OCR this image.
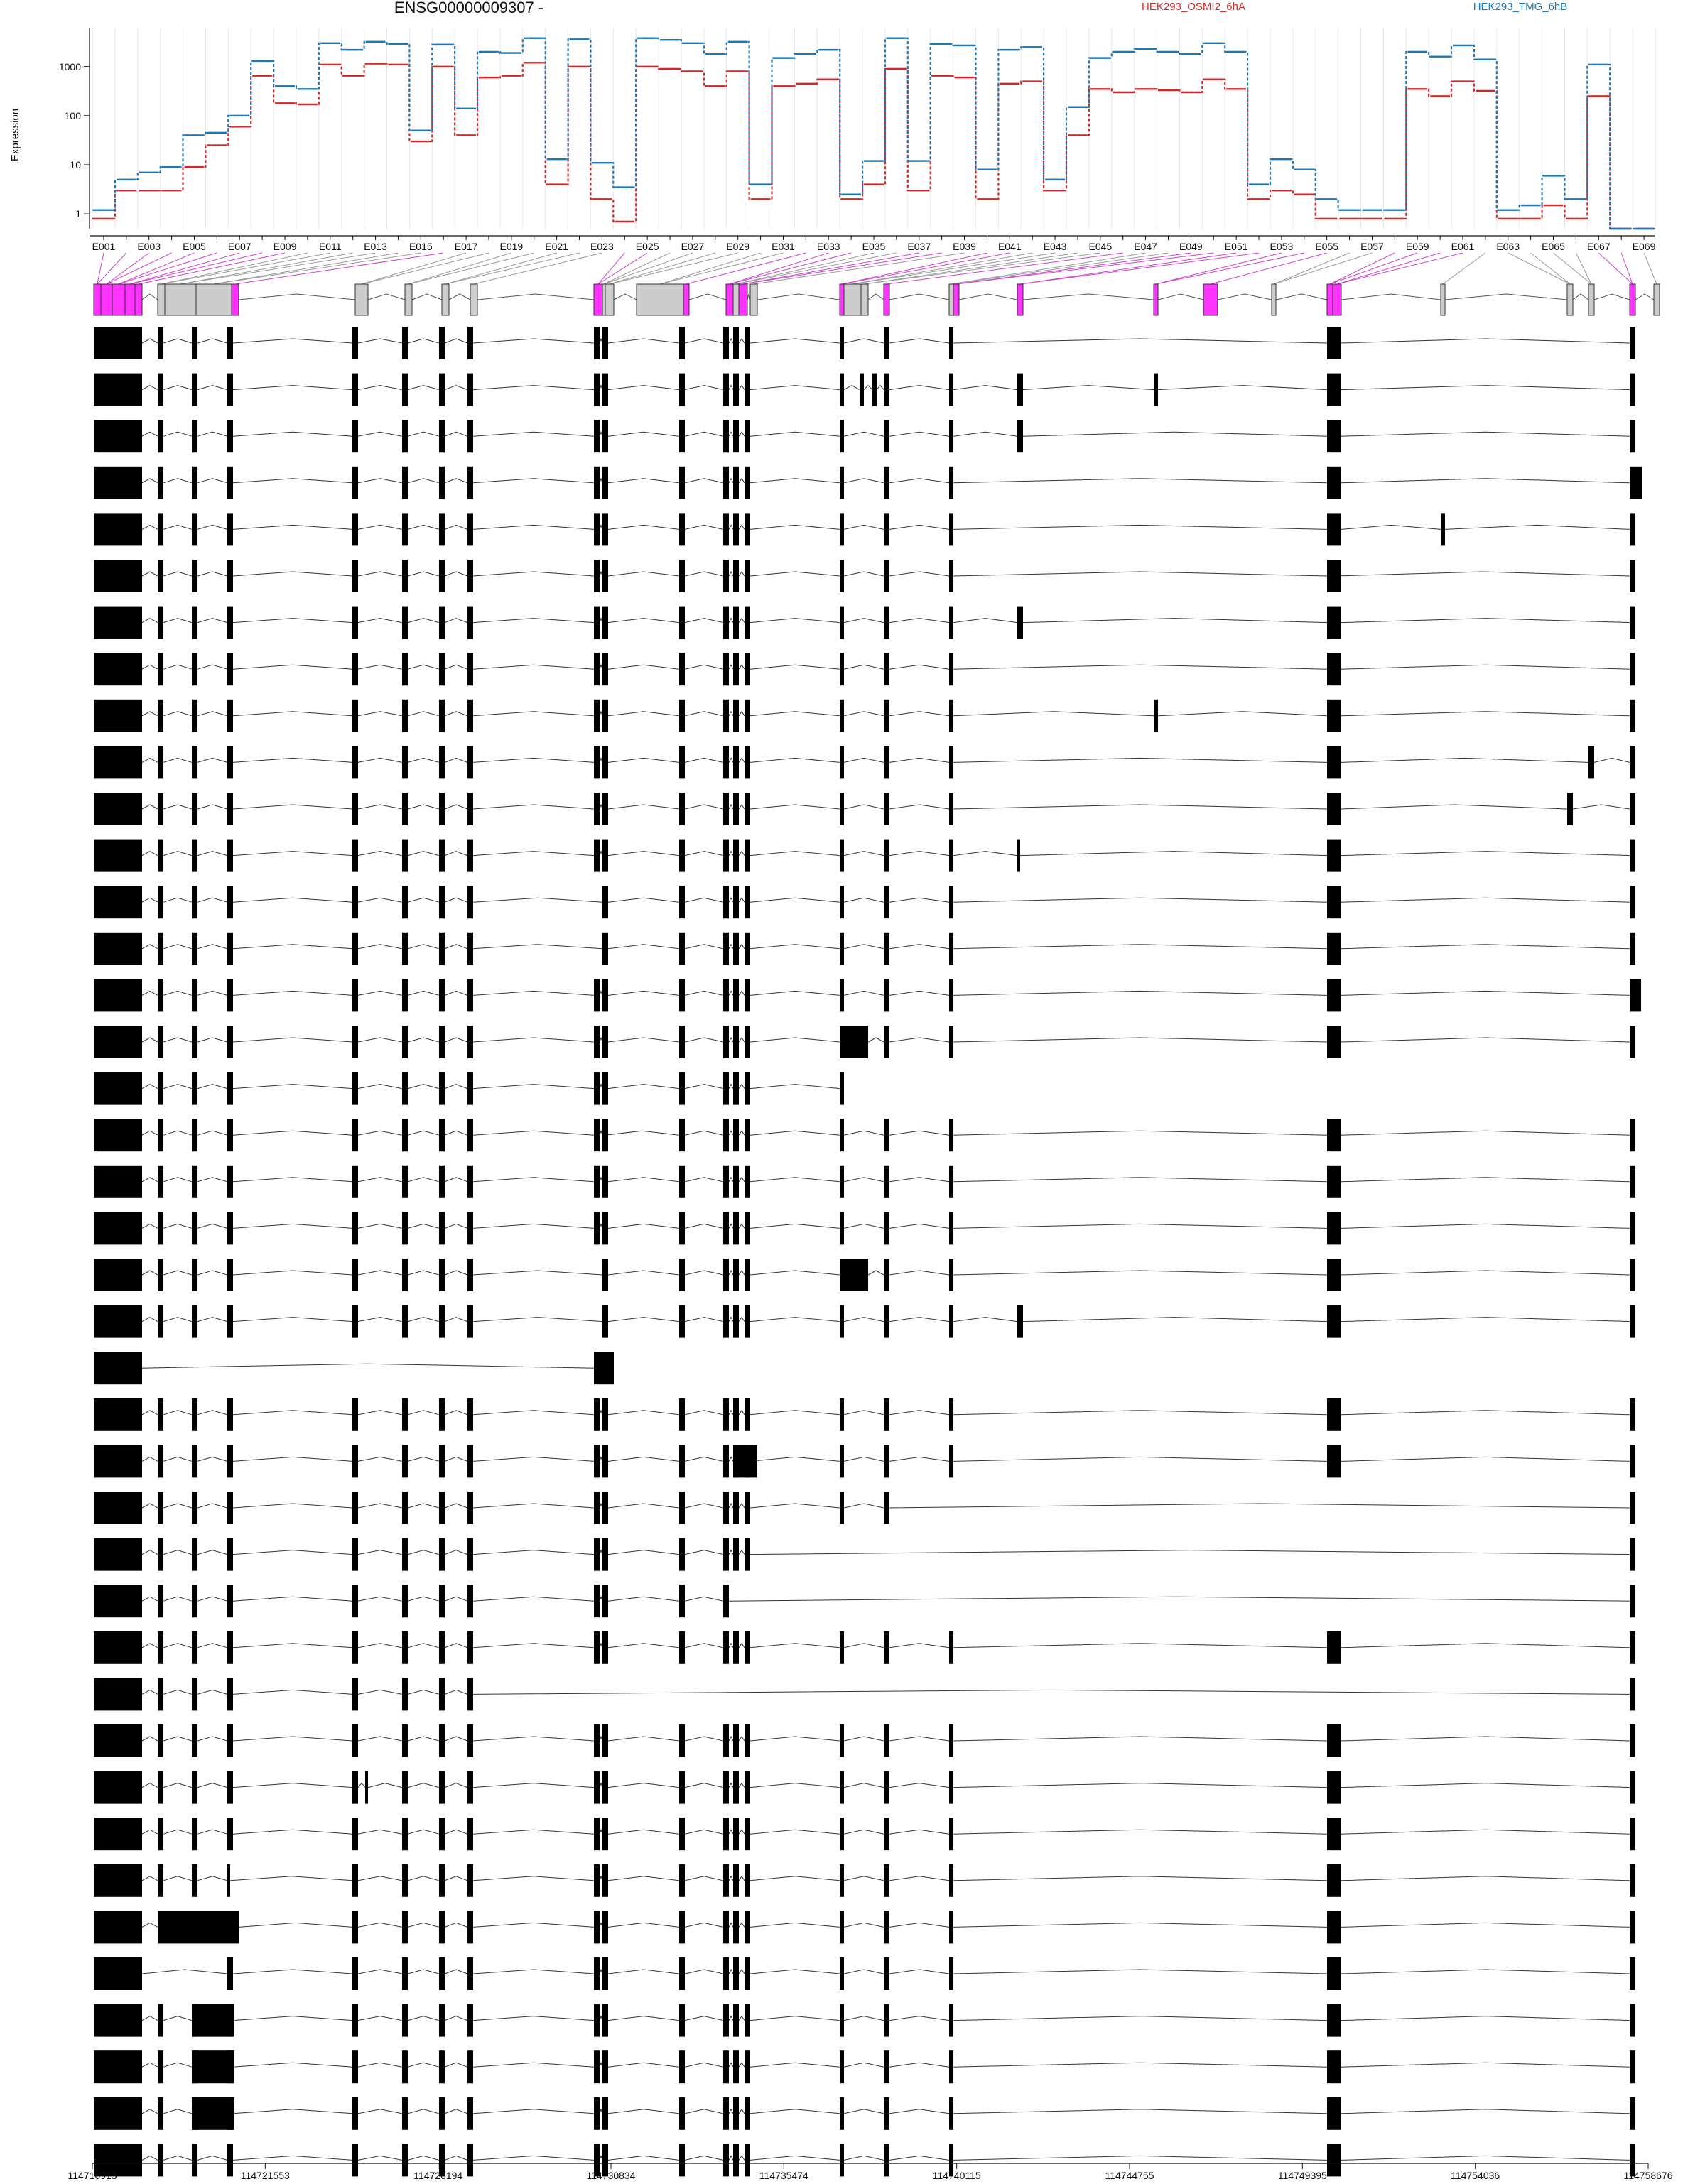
ENSG00000009307 -	HEK293_OSMI2_6hA	HEK293_TMG_6hB
Expression
1
10
100
1000
E001 E003 E005 E007 E009 E011 E013 E015 E017 E019 E021 E023 E025 E027 E029 E031 E033 E035 E037 E039 E041 E043 E045 E047 E049 E051 E053 E055 E057 E059 E061 E063 E065 E067 E069
114716913	114721553	114726194	114730834	114735474	114740115	114744755	114749395	114754036	114758676
